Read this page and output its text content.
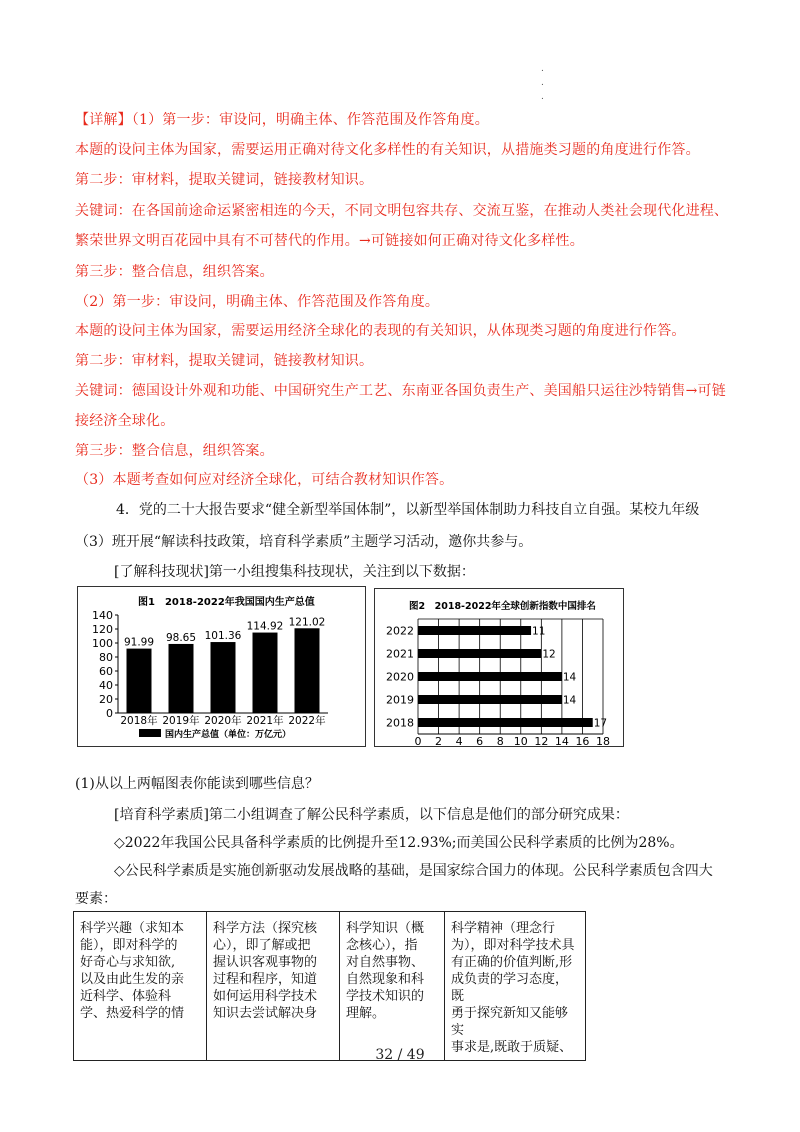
.
.
.
【详解】（1）第一步：审设问，明确主体、作答范围及作答角度。
本题的设问主体为国家，需要运用正确对待文化多样性的有关知识，从措施类习题的角度进行作答。
第二步：审材料，提取关键词，链接教材知识。
关键词：在各国前途命运紧密相连的今天，不同文明包容共存、交流互鉴，在推动人类社会现代化进程、
繁荣世界文明百花园中具有不可替代的作用。→可链接如何正确对待文化多样性。
第三步：整合信息，组织答案。
（2）第一步：审设问，明确主体、作答范围及作答角度。
本题的设问主体为国家，需要运用经济全球化的表现的有关知识，从体现类习题的角度进行作答。
第二步：审材料，提取关键词，链接教材知识。
关键词：德国设计外观和功能、中国研究生产工艺、东南亚各国负责生产、美国船只运往沙特销售→可链
接经济全球化。
第三步：整合信息，组织答案。
（3）本题考查如何应对经济全球化，可结合教材知识作答。
4．党的二十大报告要求“健全新型举国体制”，以新型举国体制助力科技自立自强。某校九年级
（3）班开展“解读科技政策，培育科学素质”主题学习活动，邀你共参与。
[了解科技现状]第一小组搜集科技现状，关注到以下数据：
图1　2018-2022年我国国内生产总值
0
20
40
60
80
100
120
140
91.99
2018年
98.65
2019年
101.36
2020年
114.92
2021年
121.02
2022年
国内生产总值（单位：万亿元）
图2　2018-2022年全球创新指数中国排名
0 2 4 6 8 10 12 14 16 18
2022	11
2021	12
2020	14
2019	14
2018	17
(1)从以上两幅图表你能读到哪些信息？
[培育科学素质]第二小组调查了解公民科学素质，以下信息是他们的部分研究成果：
◇2022年我国公民具备科学素质的比例提升至12.93%;而美国公民科学素质的比例为28%。
◇公民科学素质是实施创新驱动发展战略的基础，是国家综合国力的体现。公民科学素质包含四大
要素：
科学兴趣（求知本
能），即对科学的
好奇心与求知欲,
以及由此生发的亲
近科学、体验科
学、热爱科学的情

科学方法（探究核
心），即了解或把
握认识客观事物的
过程和程序，知道
如何运用科学技术
知识去尝试解决身

科学知识（概
念核心），指
对自然事物、
自然现象和科
学技术知识的
理解。

科学精神（理念行
为），即对科学技术具
有正确的价值判断,形
成负责的学习态度，既
勇于探究新知又能够实
事求是,既敢于质疑、
32 / 49
